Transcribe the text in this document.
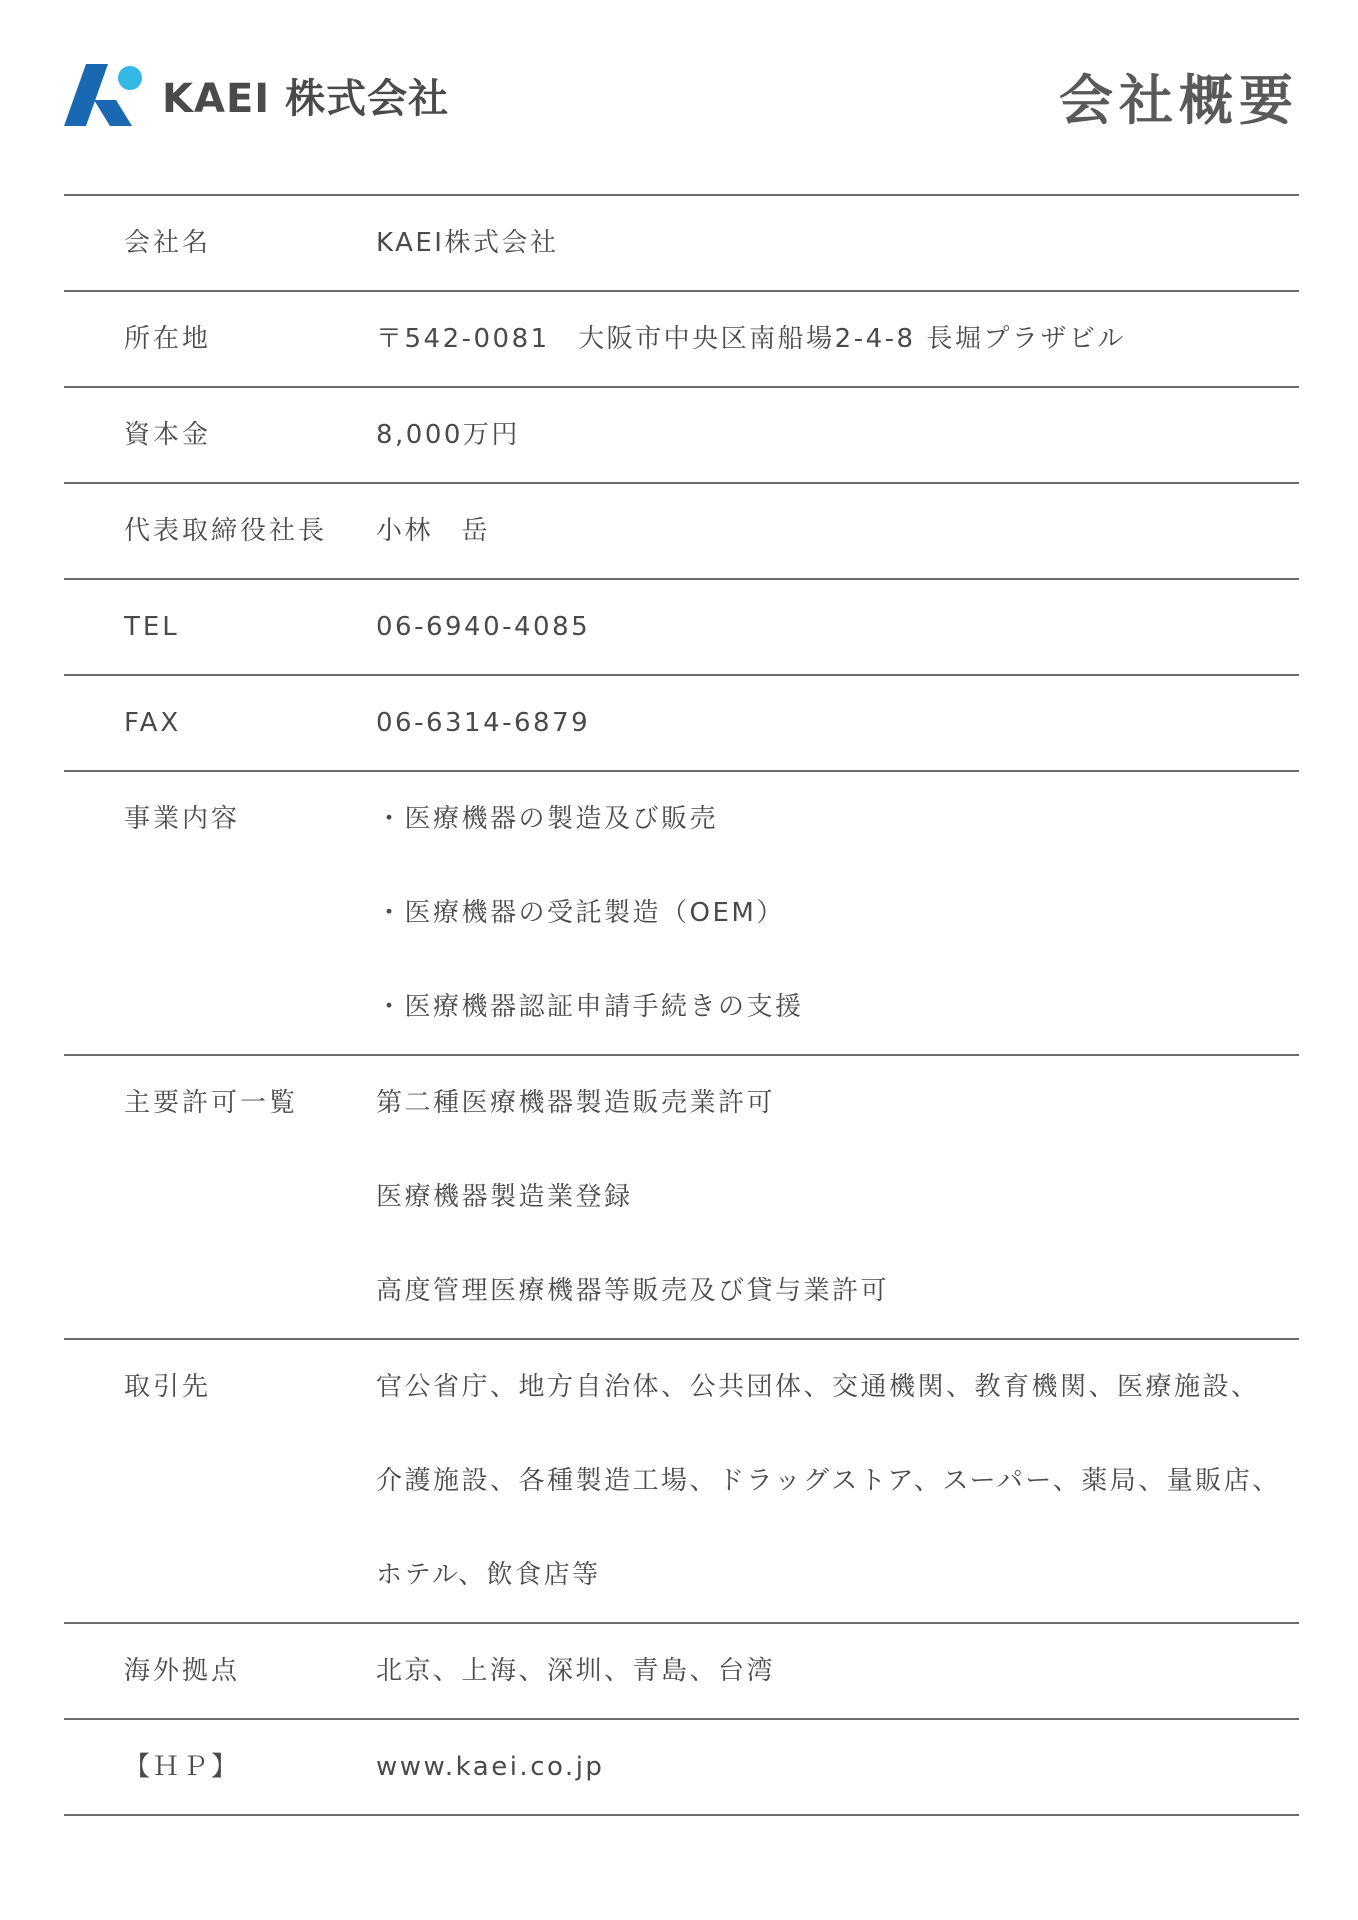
KAEI 株式会社	会社概要
会社名	KAEI株式会社
所在地	〒542-0081　大阪市中央区南船場2-4-8 長堀プラザビル
資本金	8,000万円
代表取締役社長	小林　岳
TEL	06-6940-4085
FAX	06-6314-6879
事業内容	・医療機器の製造及び販売
・医療機器の受託製造（OEM）
・医療機器認証申請手続きの支援
主要許可一覧	第二種医療機器製造販売業許可
医療機器製造業登録
高度管理医療機器等販売及び貸与業許可
取引先	官公省庁、地方自治体、公共団体、交通機関、教育機関、医療施設、
介護施設、各種製造工場、ドラッグストア、スーパー、薬局、量販店、
ホテル、飲食店等
海外拠点	北京、上海、深圳、青島、台湾
【ＨＰ】	www.kaei.co.jp
